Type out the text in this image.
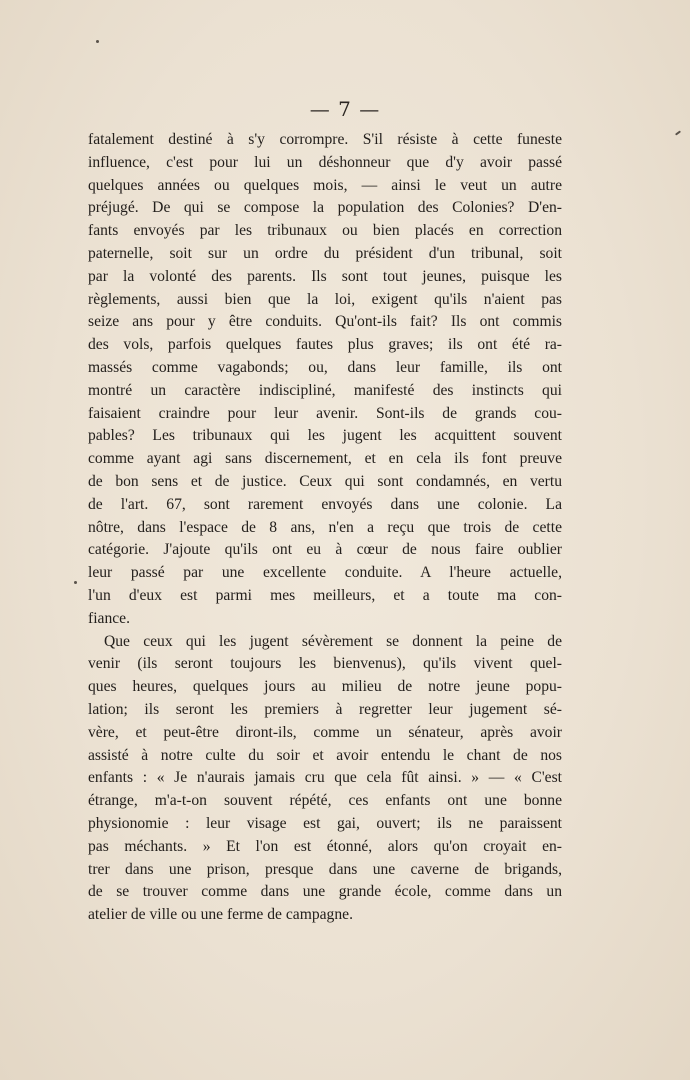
— 7 —
fatalement destiné à s'y corrompre. S'il résiste à cette funeste
influence, c'est pour lui un déshonneur que d'y avoir passé
quelques années ou quelques mois, — ainsi le veut un autre
préjugé. De qui se compose la population des Colonies? D'en-
fants envoyés par les tribunaux ou bien placés en correction
paternelle, soit sur un ordre du président d'un tribunal, soit
par la volonté des parents. Ils sont tout jeunes, puisque les
règlements, aussi bien que la loi, exigent qu'ils n'aient pas
seize ans pour y être conduits. Qu'ont-ils fait? Ils ont commis
des vols, parfois quelques fautes plus graves; ils ont été ra-
massés comme vagabonds; ou, dans leur famille, ils ont
montré un caractère indiscipliné, manifesté des instincts qui
faisaient craindre pour leur avenir. Sont-ils de grands cou-
pables? Les tribunaux qui les jugent les acquittent souvent
comme ayant agi sans discernement, et en cela ils font preuve
de bon sens et de justice. Ceux qui sont condamnés, en vertu
de l'art. 67, sont rarement envoyés dans une colonie. La
nôtre, dans l'espace de 8 ans, n'en a reçu que trois de cette
catégorie. J'ajoute qu'ils ont eu à cœur de nous faire oublier
leur passé par une excellente conduite. A l'heure actuelle,
l'un d'eux est parmi mes meilleurs, et a toute ma con-
fiance.
Que ceux qui les jugent sévèrement se donnent la peine de
venir (ils seront toujours les bienvenus), qu'ils vivent quel-
ques heures, quelques jours au milieu de notre jeune popu-
lation; ils seront les premiers à regretter leur jugement sé-
vère, et peut-être diront-ils, comme un sénateur, après avoir
assisté à notre culte du soir et avoir entendu le chant de nos
enfants : « Je n'aurais jamais cru que cela fût ainsi. » — « C'est
étrange, m'a-t-on souvent répété, ces enfants ont une bonne
physionomie : leur visage est gai, ouvert; ils ne paraissent
pas méchants. » Et l'on est étonné, alors qu'on croyait en-
trer dans une prison, presque dans une caverne de brigands,
de se trouver comme dans une grande école, comme dans un
atelier de ville ou une ferme de campagne.
